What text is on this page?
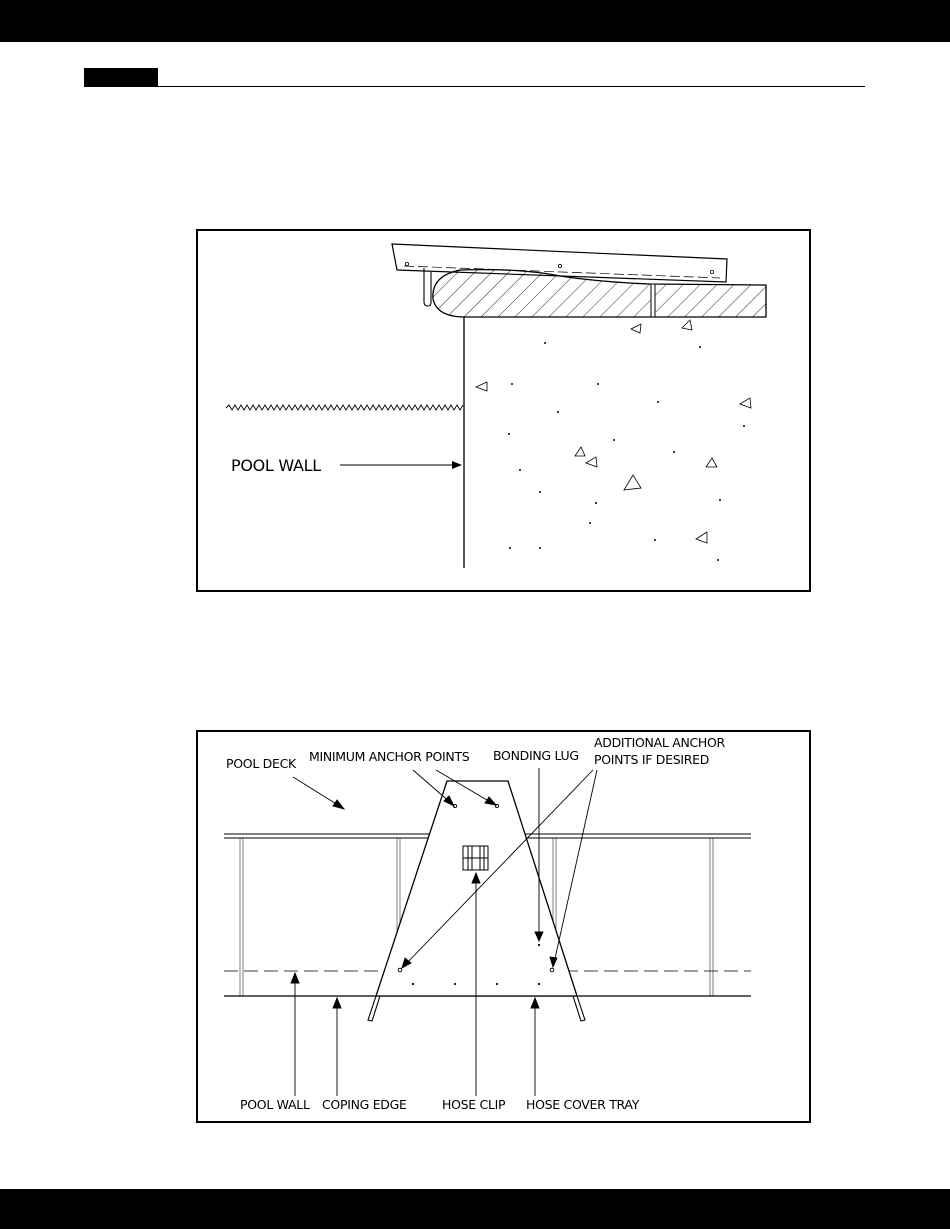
POOL WALL
POOL DECK MINIMUM ANCHOR POINTS BONDING LUG
ADDITIONAL ANCHOR
POINTS IF DESIRED
POOL WALL COPING EDGE	HOSE CLIP HOSE COVER TRAY
